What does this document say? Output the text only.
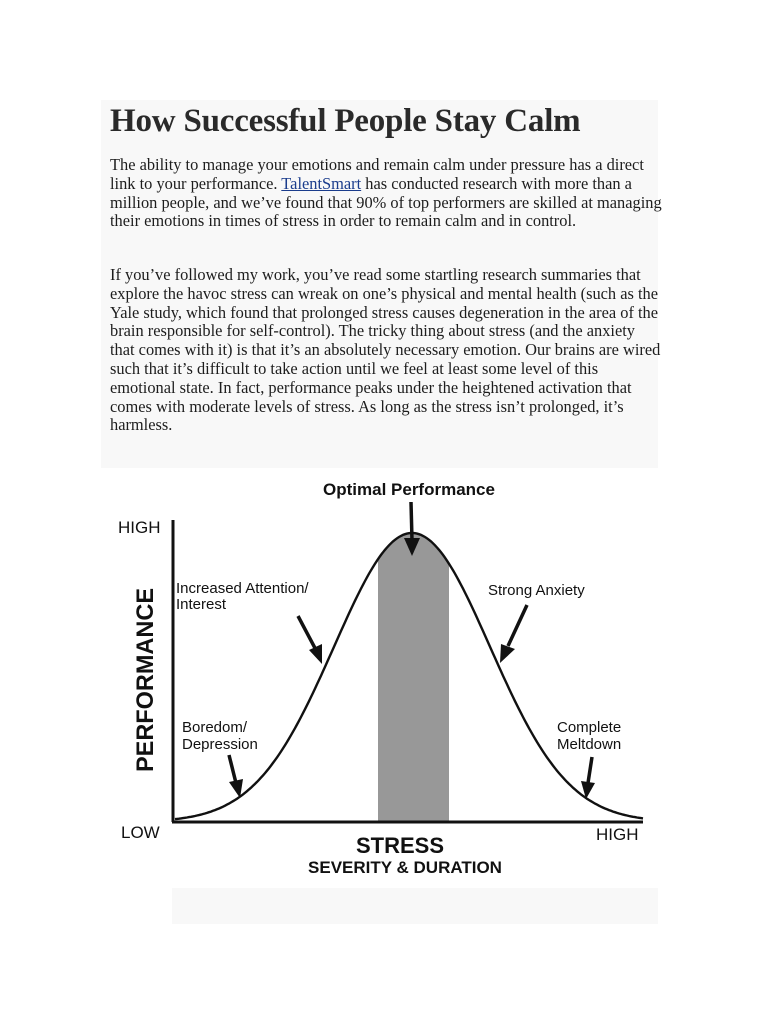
How Successful People Stay Calm

The ability to manage your emotions and remain calm under pressure has a direct link to your performance. TalentSmart has conducted research with more than a million people, and we’ve found that 90% of top performers are skilled at managing their emotions in times of stress in order to remain calm and in control.

If you’ve followed my work, you’ve read some startling research summaries that explore the havoc stress can wreak on one’s physical and mental health (such as the Yale study, which found that prolonged stress causes degeneration in the area of the brain responsible for self-control). The tricky thing about stress (and the anxiety that comes with it) is that it’s an absolutely necessary emotion. Our brains are wired such that it’s difficult to take action until we feel at least some level of this emotional state. In fact, performance peaks under the heightened activation that comes with moderate levels of stress. As long as the stress isn’t prolonged, it’s harmless.

Optimal Performance
HIGH
LOW	HIGH
PERFORMANCE
STRESS
SEVERITY & DURATION
Increased Attention/
Interest
Strong Anxiety
Boredom/
Depression
Complete
Meltdown
